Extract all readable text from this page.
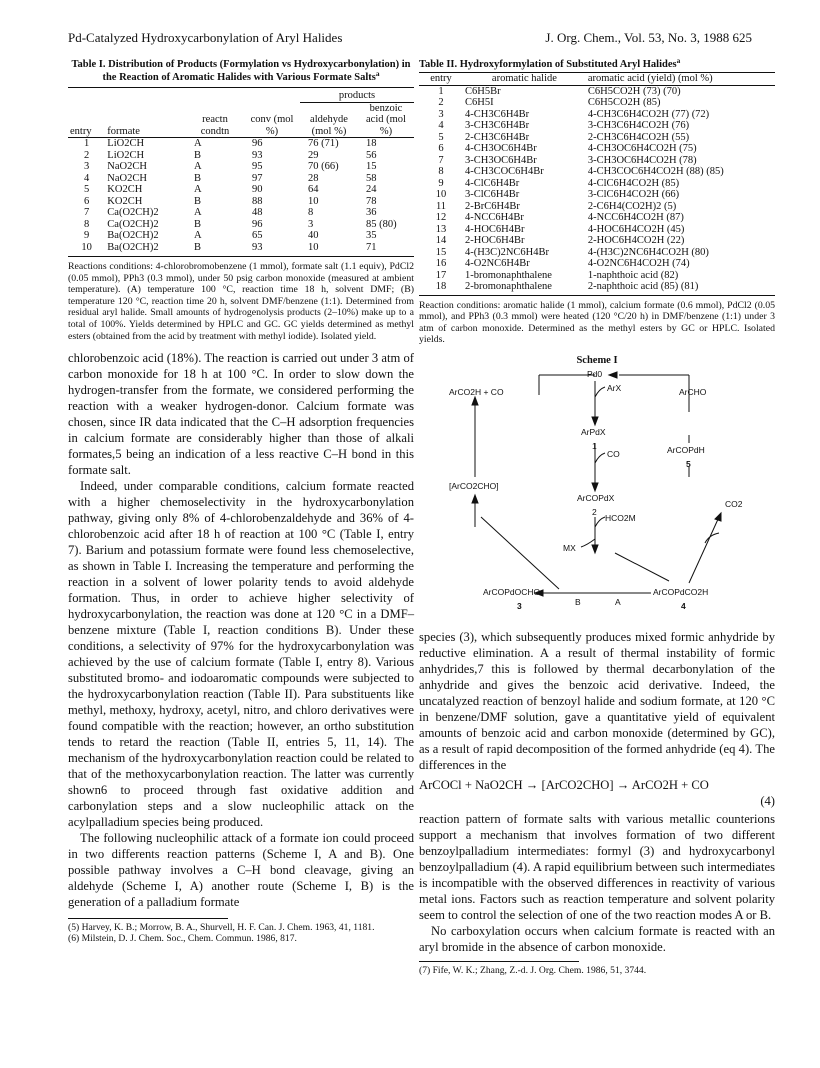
Pd-Catalyzed Hydroxycarbonylation of Aryl Halides	J. Org. Chem., Vol. 53, No. 3, 1988 625
Table I. Distribution of Products (Formylation vs Hydroxycarbonylation) in the Reaction of Aromatic Halides with Various Formate Salts$^a$
				products	
entry	formate	reactn condtn	conv (mol %)	aldehyde (mol %)	benzoic acid (mol %)
1	LiO2CH	A	96	76 (71)	18
2	LiO2CH	B	93	29	56
3	NaO2CH	A	95	70 (66)	15
4	NaO2CH	B	97	28	58
5	KO2CH	A	90	64	24
6	KO2CH	B	88	10	78
7	Ca(O2CH)2	A	48	8	36
8	Ca(O2CH)2	B	96	3	85 (80)
9	Ba(O2CH)2	A	65	40	35
10	Ba(O2CH)2	B	93	10	71
Reactions conditions: 4-chlorobromobenzene (1 mmol), formate salt (1.1 equiv), PdCl2 (0.05 mmol), PPh3 (0.3 mmol), under 50 psig carbon monoxide (measured at ambient temperature). (A) temperature 100 °C, reaction time 18 h, solvent DMF; (B) temperature 120 °C, reaction time 20 h, solvent DMF/benzene (1:1). Determined from residual aryl halide. Small amounts of hydrogenolysis products (2–10%) make up to a total of 100%. Yields determined by HPLC and GC. GC yields determined as methyl esters (obtained from the acid by treatment with methyl iodide). Isolated yield.

chlorobenzoic acid (18%). The reaction is carried out under 3 atm of carbon monoxide for 18 h at 100 °C. In order to slow down the hydrogen-transfer from the formate, we considered performing the reaction with a weaker hydrogen-donor. Calcium formate was chosen, since IR data indicated that the C–H adsorption frequencies in calcium formate are considerably higher than those of alkali formates,5 being an indication of a less reactive C–H bond in this formate salt.

Indeed, under comparable conditions, calcium formate reacted with a higher chemoselectivity in the hydroxycarbonylation pathway, giving only 8% of 4-chlorobenzaldehyde and 36% of 4-chlorobenzoic acid after 18 h of reaction at 100 °C (Table I, entry 7). Barium and potassium formate were found less chemoselective, as shown in Table I. Increasing the temperature and performing the reaction in a solvent of lower polarity tends to avoid aldehyde formation. Thus, in order to achieve higher selectivity of hydroxycarbonylation, the reaction was done at 120 °C in a DMF–benzene mixture (Table I, reaction conditions B). Under these conditions, a selectivity of 97% for the hydroxycarbonylation was achieved by the use of calcium formate (Table I, entry 8). Various substituted bromo- and iodoaromatic compounds were subjected to the hydroxycarbonylation reaction (Table II). Para substituents like methyl, methoxy, hydroxy, acetyl, nitro, and chloro derivatives were found compatible with the reaction; however, an ortho substitution tends to retard the reaction (Table II, entries 5, 11, 14). The mechanism of the hydroxycarbonylation reaction could be related to that of the methoxycarbonylation reaction. The latter was currently shown6 to proceed through fast oxidative addition and carbonylation steps and a slow nucleophilic attack on the acylpalladium species being produced.

The following nucleophilic attack of a formate ion could proceed in two differents reaction patterns (Scheme I, A and B). One possible pathway involves a C–H bond cleavage, giving an aldehyde (Scheme I, A) another route (Scheme I, B) is the generation of a palladium formate

(5) Harvey, K. B.; Morrow, B. A., Shurvell, H. F. Can. J. Chem. 1963, 41, 1181.
(6) Milstein, D. J. Chem. Soc., Chem. Commun. 1986, 817.
Table II. Hydroxyformylation of Substituted Aryl Halides$^a$
entry	aromatic halide	aromatic acid (yield) (mol %)
1	C6H5Br	C6H5CO2H (73) (70)
2	C6H5I	C6H5CO2H (85)
3	4-CH3C6H4Br	4-CH3C6H4CO2H (77) (72)
4	3-CH3C6H4Br	3-CH3C6H4CO2H (76)
5	2-CH3C6H4Br	2-CH3C6H4CO2H (55)
6	4-CH3OC6H4Br	4-CH3OC6H4CO2H (75)
7	3-CH3OC6H4Br	3-CH3OC6H4CO2H (78)
8	4-CH3COC6H4Br	4-CH3COC6H4CO2H (88) (85)
9	4-ClC6H4Br	4-ClC6H4CO2H (85)
10	3-ClC6H4Br	3-ClC6H4CO2H (66)
11	2-BrC6H4Br	2-C6H4(CO2H)2 (5)
12	4-NCC6H4Br	4-NCC6H4CO2H (87)
13	4-HOC6H4Br	4-HOC6H4CO2H (45)
14	2-HOC6H4Br	2-HOC6H4CO2H (22)
15	4-(H3C)2NC6H4Br	4-(H3C)2NC6H4CO2H (80)
16	4-O2NC6H4Br	4-O2NC6H4CO2H (74)
17	1-bromonaphthalene	1-naphthoic acid (82)
18	2-bromonaphthalene	2-naphthoic acid (85) (81)
Reaction conditions: aromatic halide (1 mmol), calcium formate (0.6 mmol), PdCl2 (0.05 mmol), and PPh3 (0.3 mmol) were heated (120 °C/20 h) in DMF/benzene (1:1) under 3 atm of carbon monoxide. Determined as the methyl esters by GC or HPLC. Isolated yields.
Scheme I
Pd0
ArX
ArCO2H + CO	ArCHO
ArPdX
1	ArCOPdH
5
CO
ArCOPdX
2
[ArCO2CHO]
CO2
HCO2M
MX
ArCOPdOCHO
3	B	A
ArCOPdCO2H
4

species (3), which subsequently produces mixed formic anhydride by reductive elimination. A a result of thermal instability of formic anhydrides,7 this is followed by thermal decarbonylation of the anhydride and gives the benzoic acid derivative. Indeed, the uncatalyzed reaction of benzoyl halide and sodium formate, at 120 °C in benzene/DMF solution, gave a quantitative yield of equivalent amounts of benzoic acid and carbon monoxide (determined by GC), as a result of rapid decomposition of the formed anhydride (eq 4). The differences in the

ArCOCl + NaO2CH → [ArCO2CHO] → ArCO2H + CO
(4)

reaction pattern of formate salts with various metallic counterions support a mechanism that involves formation of two different benzoylpalladium intermediates: formyl (3) and hydroxycarbonyl benzoylpalladium (4). A rapid equilibrium between such intermediates is incompatible with the observed differences in reactivity of various metal ions. Factors such as reaction temperature and solvent polarity seem to control the selection of one of the two reaction modes A or B.

No carboxylation occurs when calcium formate is reacted with an aryl bromide in the absence of carbon monoxide.

(7) Fife, W. K.; Zhang, Z.-d. J. Org. Chem. 1986, 51, 3744.
